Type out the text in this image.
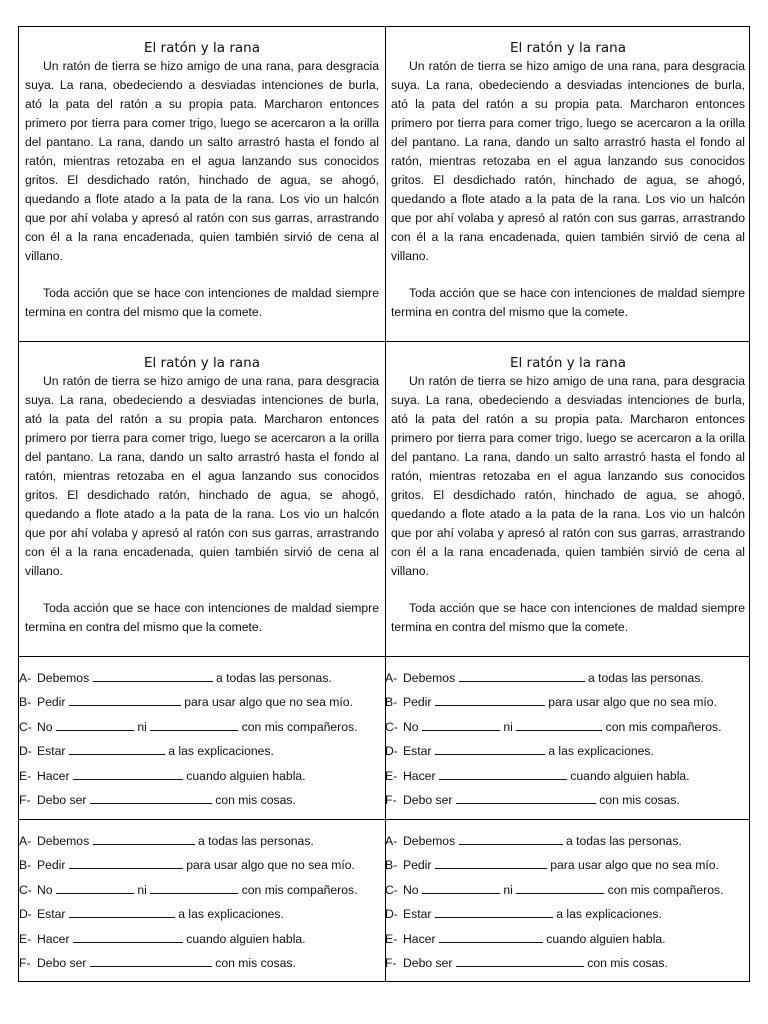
El ratón y la rana

Un ratón de tierra se hizo amigo de una rana, para desgracia suya. La rana, obedeciendo a desviadas intenciones de burla, ató la pata del ratón a su propia pata. Marcharon entonces primero por tierra para comer trigo, luego se acercaron a la orilla del pantano. La rana, dando un salto arrastró hasta el fondo al ratón, mientras retozaba en el agua lanzando sus conocidos gritos. El desdichado ratón, hinchado de agua, se ahogó, quedando a flote atado a la pata de la rana. Los vio un halcón que por ahí volaba y apresó al ratón con sus garras, arrastrando con él a la rana encadenada, quien también sirvió de cena al villano.

Toda acción que se hace con intenciones de maldad siempre termina en contra del mismo que la comete.

El ratón y la rana

Un ratón de tierra se hizo amigo de una rana, para desgracia suya. La rana, obedeciendo a desviadas intenciones de burla, ató la pata del ratón a su propia pata. Marcharon entonces primero por tierra para comer trigo, luego se acercaron a la orilla del pantano. La rana, dando un salto arrastró hasta el fondo al ratón, mientras retozaba en el agua lanzando sus conocidos gritos. El desdichado ratón, hinchado de agua, se ahogó, quedando a flote atado a la pata de la rana. Los vio un halcón que por ahí volaba y apresó al ratón con sus garras, arrastrando con él a la rana encadenada, quien también sirvió de cena al villano.

Toda acción que se hace con intenciones de maldad siempre termina en contra del mismo que la comete.

El ratón y la rana

Un ratón de tierra se hizo amigo de una rana, para desgracia suya. La rana, obedeciendo a desviadas intenciones de burla, ató la pata del ratón a su propia pata. Marcharon entonces primero por tierra para comer trigo, luego se acercaron a la orilla del pantano. La rana, dando un salto arrastró hasta el fondo al ratón, mientras retozaba en el agua lanzando sus conocidos gritos. El desdichado ratón, hinchado de agua, se ahogó, quedando a flote atado a la pata de la rana. Los vio un halcón que por ahí volaba y apresó al ratón con sus garras, arrastrando con él a la rana encadenada, quien también sirvió de cena al villano.

Toda acción que se hace con intenciones de maldad siempre termina en contra del mismo que la comete.

El ratón y la rana

Un ratón de tierra se hizo amigo de una rana, para desgracia suya. La rana, obedeciendo a desviadas intenciones de burla, ató la pata del ratón a su propia pata. Marcharon entonces primero por tierra para comer trigo, luego se acercaron a la orilla del pantano. La rana, dando un salto arrastró hasta el fondo al ratón, mientras retozaba en el agua lanzando sus conocidos gritos. El desdichado ratón, hinchado de agua, se ahogó, quedando a flote atado a la pata de la rana. Los vio un halcón que por ahí volaba y apresó al ratón con sus garras, arrastrando con él a la rana encadenada, quien también sirvió de cena al villano.

Toda acción que se hace con intenciones de maldad siempre termina en contra del mismo que la comete.

A- Debemos	a todas las personas.
B- Pedir	para usar algo que no sea mío.
C- No	ni	con mis compañeros.
D- Estar	a las explicaciones.
E- Hacer	cuando alguien habla.
F- Debo ser	con mis cosas.
A- Debemos	a todas las personas.
B- Pedir	para usar algo que no sea mío.
C- No	ni	con mis compañeros.
D- Estar	a las explicaciones.
E- Hacer	cuando alguien habla.
F- Debo ser	con mis cosas.
A- Debemos	a todas las personas.
B- Pedir	para usar algo que no sea mío.
C- No	ni	con mis compañeros.
D- Estar	a las explicaciones.
E- Hacer	cuando alguien habla.
F- Debo ser	con mis cosas.
A- Debemos	a todas las personas.
B- Pedir	para usar algo que no sea mío.
C- No	ni	con mis compañeros.
D- Estar	a las explicaciones.
E- Hacer	cuando alguien habla.
F- Debo ser	con mis cosas.
